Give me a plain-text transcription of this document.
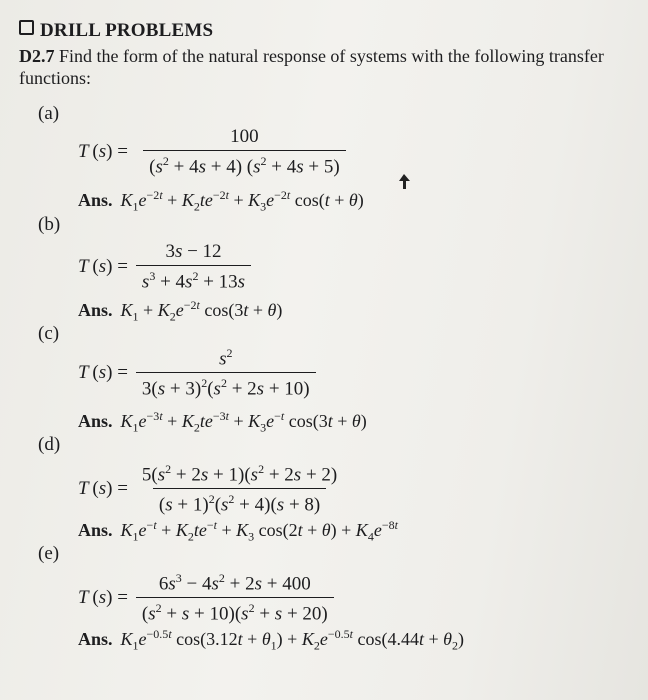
DRILL PROBLEMS
D2.7 Find the form of the natural response of systems with the following transfer
functions:
(a)
T  ( s ) = $\frac{100}{(s^2 + 4s + 4) (s^2 + 4s + 5)}$
Ans. $K_1e^{-2t} + K_2te^{-2t} + K_3e^{-2t}$ cos(t + θ)
(b)
T  ( s ) = $\frac{3s - 12}{s^3 + 4s^2 + 13s}$
Ans. $K_1 + K_2e^{-2t}$ cos(3t + θ)
(c)
T  ( s ) = $\frac{s^2}{3(s + 3)^2(s^2 + 2s + 10)}$
Ans. $K_1e^{-3t} + K_2te^{-3t} + K_3e^{-t}$ cos(3t + θ)
(d)
T  ( s ) = $\frac{5(s^2 + 2s + 1)(s^2 + 2s + 2)}{(s + 1)^2(s^2 + 4)(s + 8)}$
Ans. $K_1e^{-t} + K_2te^{-t} + K_3$ $\cos(2t + \theta) + K_4e^{-8t}$
(e)
T  ( s ) = $\frac{6s^3 - 4s^2 + 2s + 400}{(s^2 + s + 10)(s^2 + s + 20)}$
Ans. $K_1e^{-0.5t}$ $\cos(3.12t + \theta_1) + K_2e^{-0.5t}$ $\cos(4.44t + \theta_2)$
